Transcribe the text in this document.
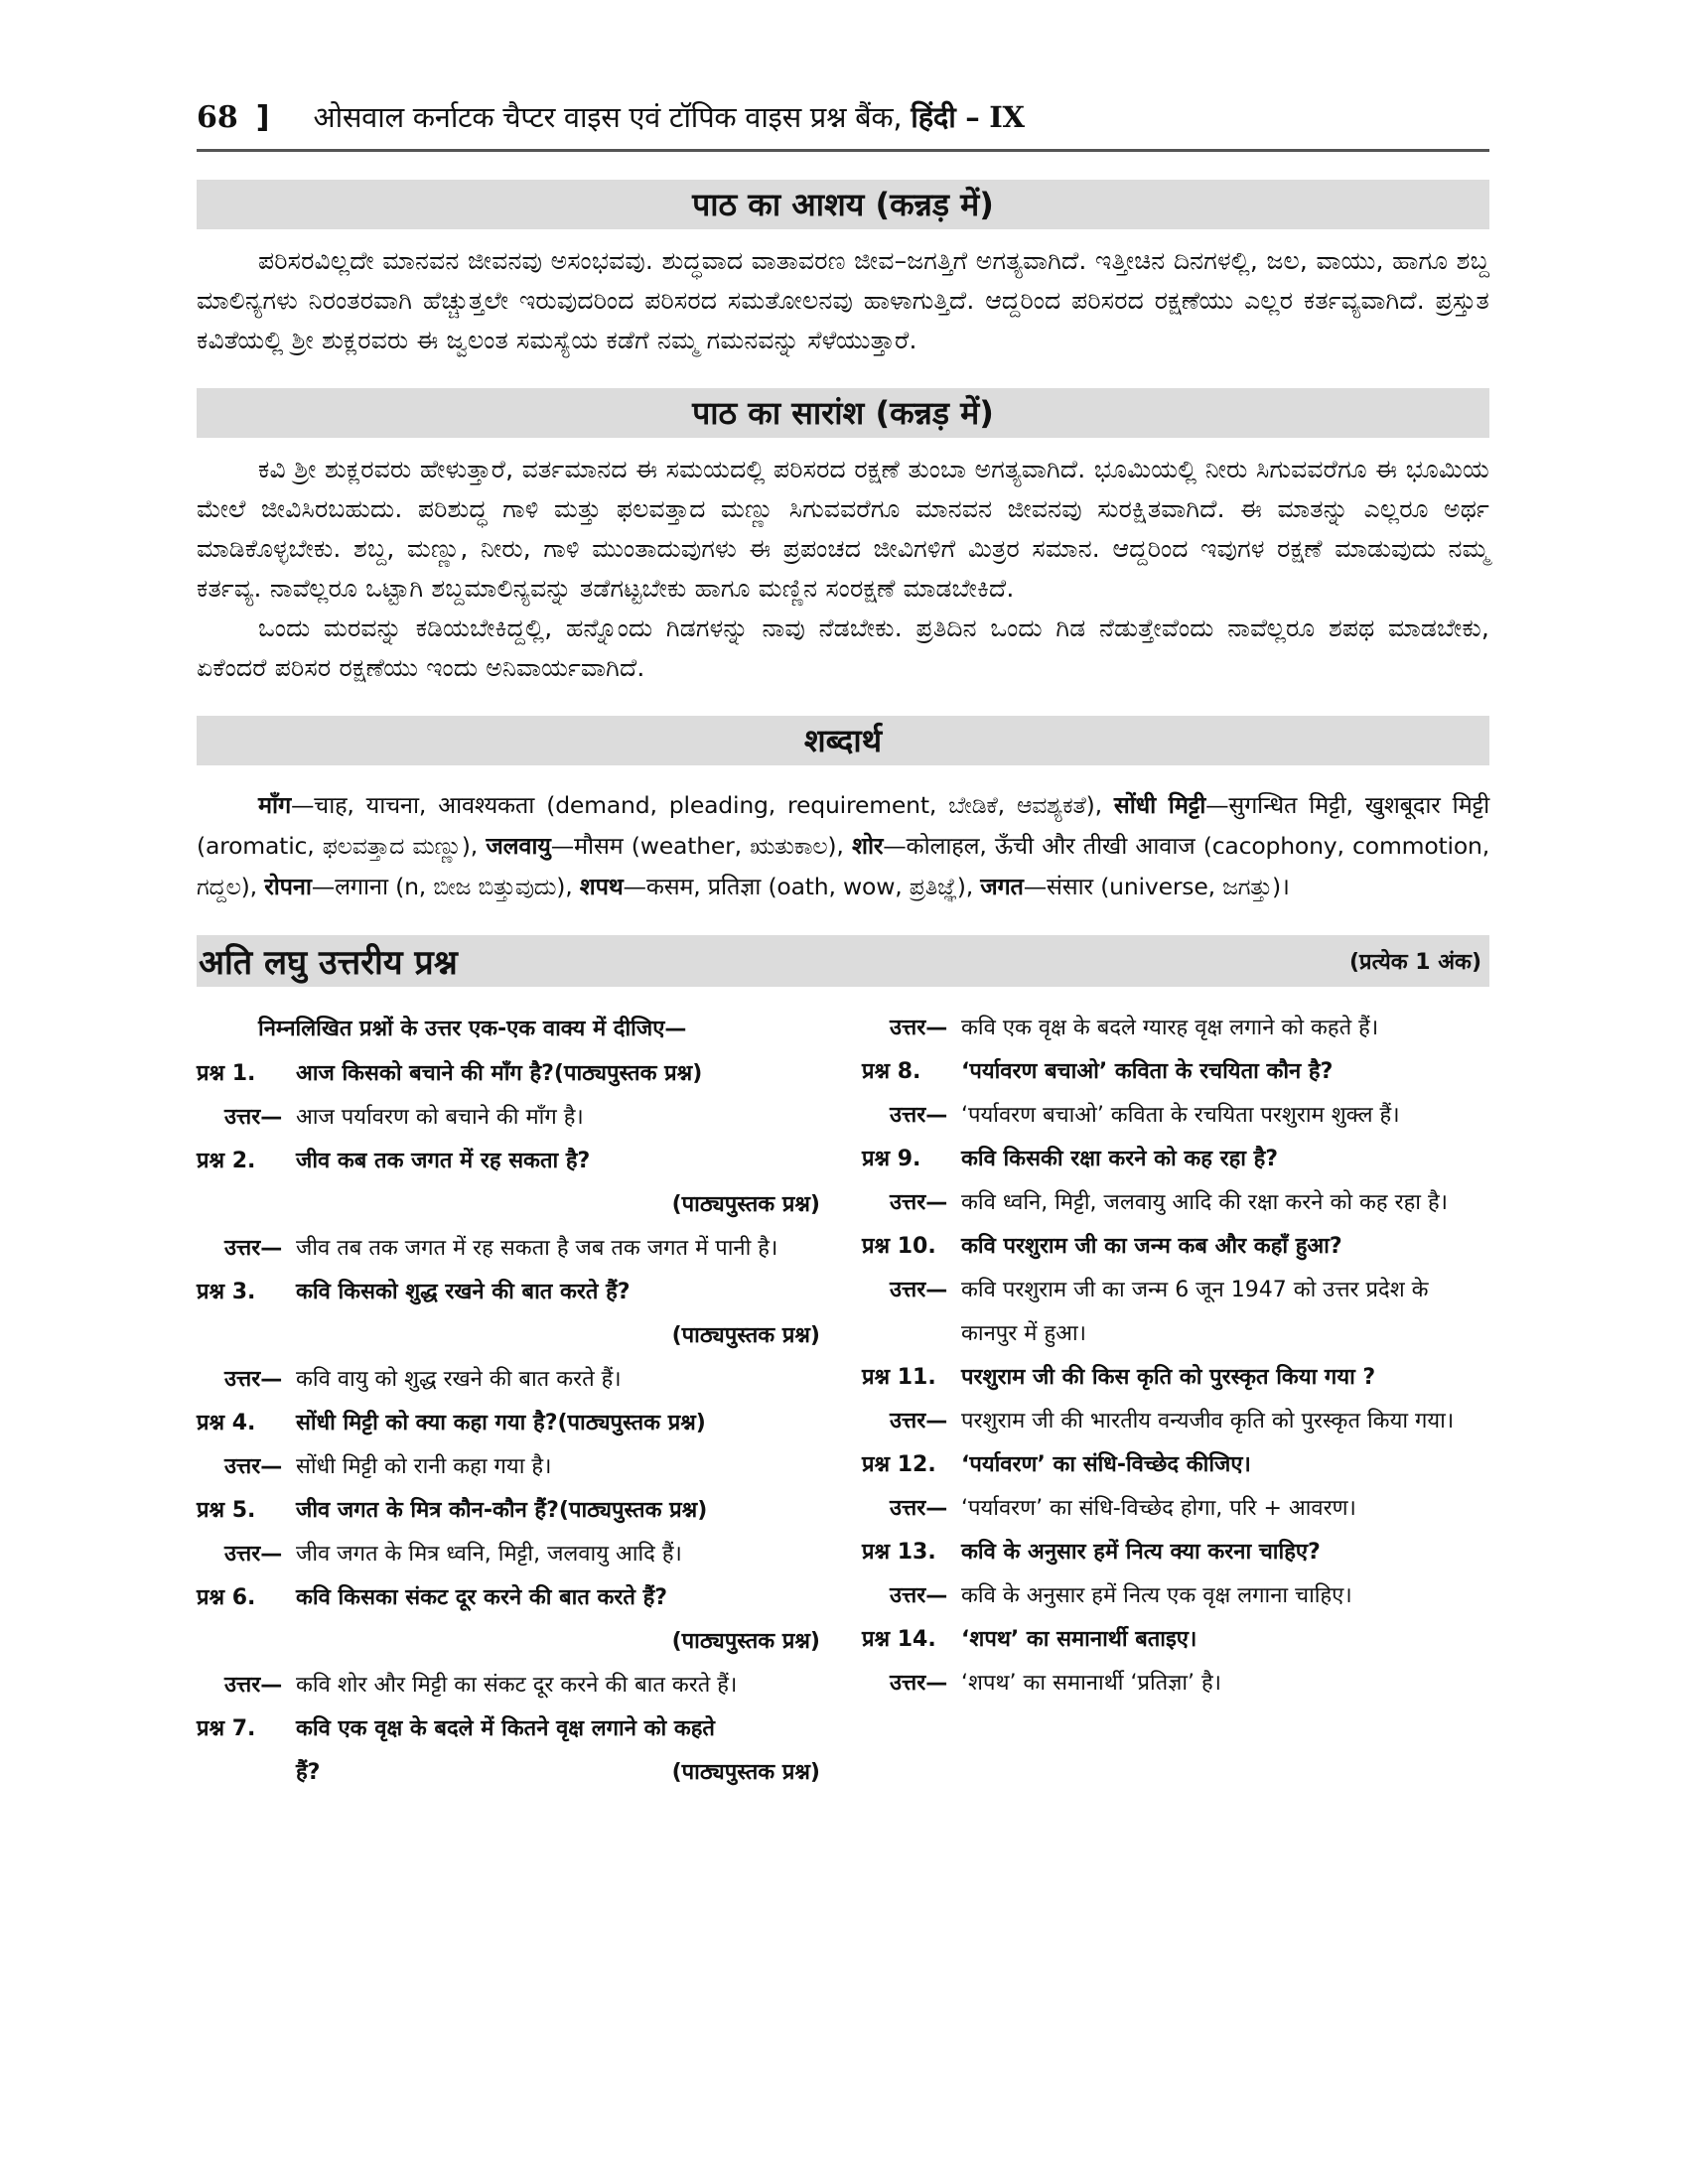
68 ] ओसवाल कर्नाटक चैप्टर वाइस एवं टॉपिक वाइस प्रश्न बैंक, हिंदी – IX
पाठ का आशय (कन्नड़ में)

ಪರಿಸರವಿಲ್ಲದೇ ಮಾನವನ ಜೀವನವು ಅಸಂಭವವು. ಶುದ್ಧವಾದ ವಾತಾವರಣ ಜೀವ–ಜಗತ್ತಿಗೆ ಅಗತ್ಯವಾಗಿದೆ. ಇತ್ತೀಚಿನ ದಿನಗಳಲ್ಲಿ, ಜಲ, ವಾಯು, ಹಾಗೂ ಶಬ್ದ ಮಾಲಿನ್ಯಗಳು ನಿರಂತರವಾಗಿ ಹೆಚ್ಚುತ್ತಲೇ ಇರುವುದರಿಂದ ಪರಿಸರದ ಸಮತೋಲನವು ಹಾಳಾಗುತ್ತಿದೆ. ಆದ್ದರಿಂದ ಪರಿಸರದ ರಕ್ಷಣೆಯು ಎಲ್ಲರ ಕರ್ತವ್ಯವಾಗಿದೆ. ಪ್ರಸ್ತುತ ಕವಿತೆಯಲ್ಲಿ ಶ್ರೀ ಶುಕ್ಲರವರು ಈ ಜ್ವಲಂತ ಸಮಸ್ಯೆಯ ಕಡೆಗೆ ನಮ್ಮ ಗಮನವನ್ನು ಸೆಳೆಯುತ್ತಾರೆ.

पाठ का सारांश (कन्नड़ में)

ಕವಿ ಶ್ರೀ ಶುಕ್ಲರವರು ಹೇಳುತ್ತಾರೆ, ವರ್ತಮಾನದ ಈ ಸಮಯದಲ್ಲಿ ಪರಿಸರದ ರಕ್ಷಣೆ ತುಂಬಾ ಅಗತ್ಯವಾಗಿದೆ. ಭೂಮಿಯಲ್ಲಿ ನೀರು ಸಿಗುವವರೆಗೂ ಈ ಭೂಮಿಯ ಮೇಲೆ ಜೀವಿಸಿರಬಹುದು. ಪರಿಶುದ್ಧ ಗಾಳಿ ಮತ್ತು ಫಲವತ್ತಾದ ಮಣ್ಣು ಸಿಗುವವರೆಗೂ ಮಾನವನ ಜೀವನವು ಸುರಕ್ಷಿತವಾಗಿದೆ. ಈ ಮಾತನ್ನು ಎಲ್ಲರೂ ಅರ್ಥ ಮಾಡಿಕೊಳ್ಳಬೇಕು. ಶಬ್ದ, ಮಣ್ಣು, ನೀರು, ಗಾಳಿ ಮುಂತಾದುವುಗಳು ಈ ಪ್ರಪಂಚದ ಜೀವಿಗಳಿಗೆ ಮಿತ್ರರ ಸಮಾನ. ಆದ್ದರಿಂದ ಇವುಗಳ ರಕ್ಷಣೆ ಮಾಡುವುದು ನಮ್ಮ ಕರ್ತವ್ಯ. ನಾವೆಲ್ಲರೂ ಒಟ್ಟಾಗಿ ಶಬ್ದಮಾಲಿನ್ಯವನ್ನು ತಡೆಗಟ್ಟಬೇಕು ಹಾಗೂ ಮಣ್ಣಿನ ಸಂರಕ್ಷಣೆ ಮಾಡಬೇಕಿದೆ.

ಒಂದು ಮರವನ್ನು ಕಡಿಯಬೇಕಿದ್ದಲ್ಲಿ, ಹನ್ನೊಂದು ಗಿಡಗಳನ್ನು ನಾವು ನೆಡಬೇಕು. ಪ್ರತಿದಿನ ಒಂದು ಗಿಡ ನೆಡುತ್ತೇವೆಂದು ನಾವೆಲ್ಲರೂ ಶಪಥ ಮಾಡಬೇಕು, ಏಕೆಂದರೆ ಪರಿಸರ ರಕ್ಷಣೆಯು ಇಂದು ಅನಿವಾರ್ಯವಾಗಿದೆ.

शब्दार्थ

माँग—चाह, याचना, आवश्यकता (demand, pleading, requirement, ಬೇಡಿಕೆ, ಆವಶ್ಯಕತೆ), सोंधी मिट्टी—सुगन्धित मिट्टी, खुशबूदार मिट्टी (aromatic, ಫಲವತ್ತಾದ ಮಣ್ಣು), जलवायु—मौसम (weather, ಋತುಕಾಲ), शोर—कोलाहल, ऊँची और तीखी आवाज (cacophony, commotion, ಗದ್ದಲ), रोपना—लगाना (n, ಬೀಜ ಬಿತ್ತುವುದು), शपथ—कसम, प्रतिज्ञा (oath, wow, ಪ್ರತಿಜ್ಞೆ), जगत—संसार (universe, ಜಗತ್ತು)।

अति लघु उत्तरीय प्रश्न	(प्रत्येक 1 अंक)
निम्नलिखित प्रश्नों के उत्तर एक-एक वाक्य में दीजिए—
प्रश्न 1.	आज किसको बचाने की माँग है?(पाठ्यपुस्तक प्रश्न)
उत्तर— आज पर्यावरण को बचाने की माँग है।
प्रश्न 2.	जीव कब तक जगत में रह सकता है?
(पाठ्यपुस्तक प्रश्न)
उत्तर— जीव तब तक जगत में रह सकता है जब तक जगत में पानी है।
प्रश्न 3.	कवि किसको शुद्ध रखने की बात करते हैं?
(पाठ्यपुस्तक प्रश्न)
उत्तर— कवि वायु को शुद्ध रखने की बात करते हैं।
प्रश्न 4.	सोंधी मिट्टी को क्या कहा गया है?(पाठ्यपुस्तक प्रश्न)
उत्तर— सोंधी मिट्टी को रानी कहा गया है।
प्रश्न 5.	जीव जगत के मित्र कौन-कौन हैं?(पाठ्यपुस्तक प्रश्न)
उत्तर— जीव जगत के मित्र ध्वनि, मिट्टी, जलवायु आदि हैं।
प्रश्न 6.	कवि किसका संकट दूर करने की बात करते हैं?
(पाठ्यपुस्तक प्रश्न)
उत्तर— कवि शोर और मिट्टी का संकट दूर करने की बात करते हैं।
प्रश्न 7.	कवि एक वृक्ष के बदले में कितने वृक्ष लगाने को कहते
हैं?	(पाठ्यपुस्तक प्रश्न)
उत्तर— कवि एक वृक्ष के बदले ग्यारह वृक्ष लगाने को कहते हैं।
प्रश्न 8.	‘पर्यावरण बचाओ’ कविता के रचयिता कौन है?
उत्तर— ‘पर्यावरण बचाओ’ कविता के रचयिता परशुराम शुक्ल हैं।
प्रश्न 9.	कवि किसकी रक्षा करने को कह रहा है?
उत्तर— कवि ध्वनि, मिट्टी, जलवायु आदि की रक्षा करने को कह रहा है।
प्रश्न 10.	कवि परशुराम जी का जन्म कब और कहाँ हुआ?
उत्तर— कवि परशुराम जी का जन्म 6 जून 1947 को उत्तर प्रदेश के कानपुर में हुआ।
प्रश्न 11.	परशुराम जी की किस कृति को पुरस्कृत किया गया ?
उत्तर— परशुराम जी की भारतीय वन्यजीव कृति को पुरस्कृत किया गया।
प्रश्न 12.	‘पर्यावरण’ का संधि-विच्छेद कीजिए।
उत्तर— ‘पर्यावरण’ का संधि-विच्छेद होगा, परि + आवरण।
प्रश्न 13.	कवि के अनुसार हमें नित्य क्या करना चाहिए?
उत्तर— कवि के अनुसार हमें नित्य एक वृक्ष लगाना चाहिए।
प्रश्न 14.	‘शपथ’ का समानार्थी बताइए।
उत्तर— ‘शपथ’ का समानार्थी ‘प्रतिज्ञा’ है।
